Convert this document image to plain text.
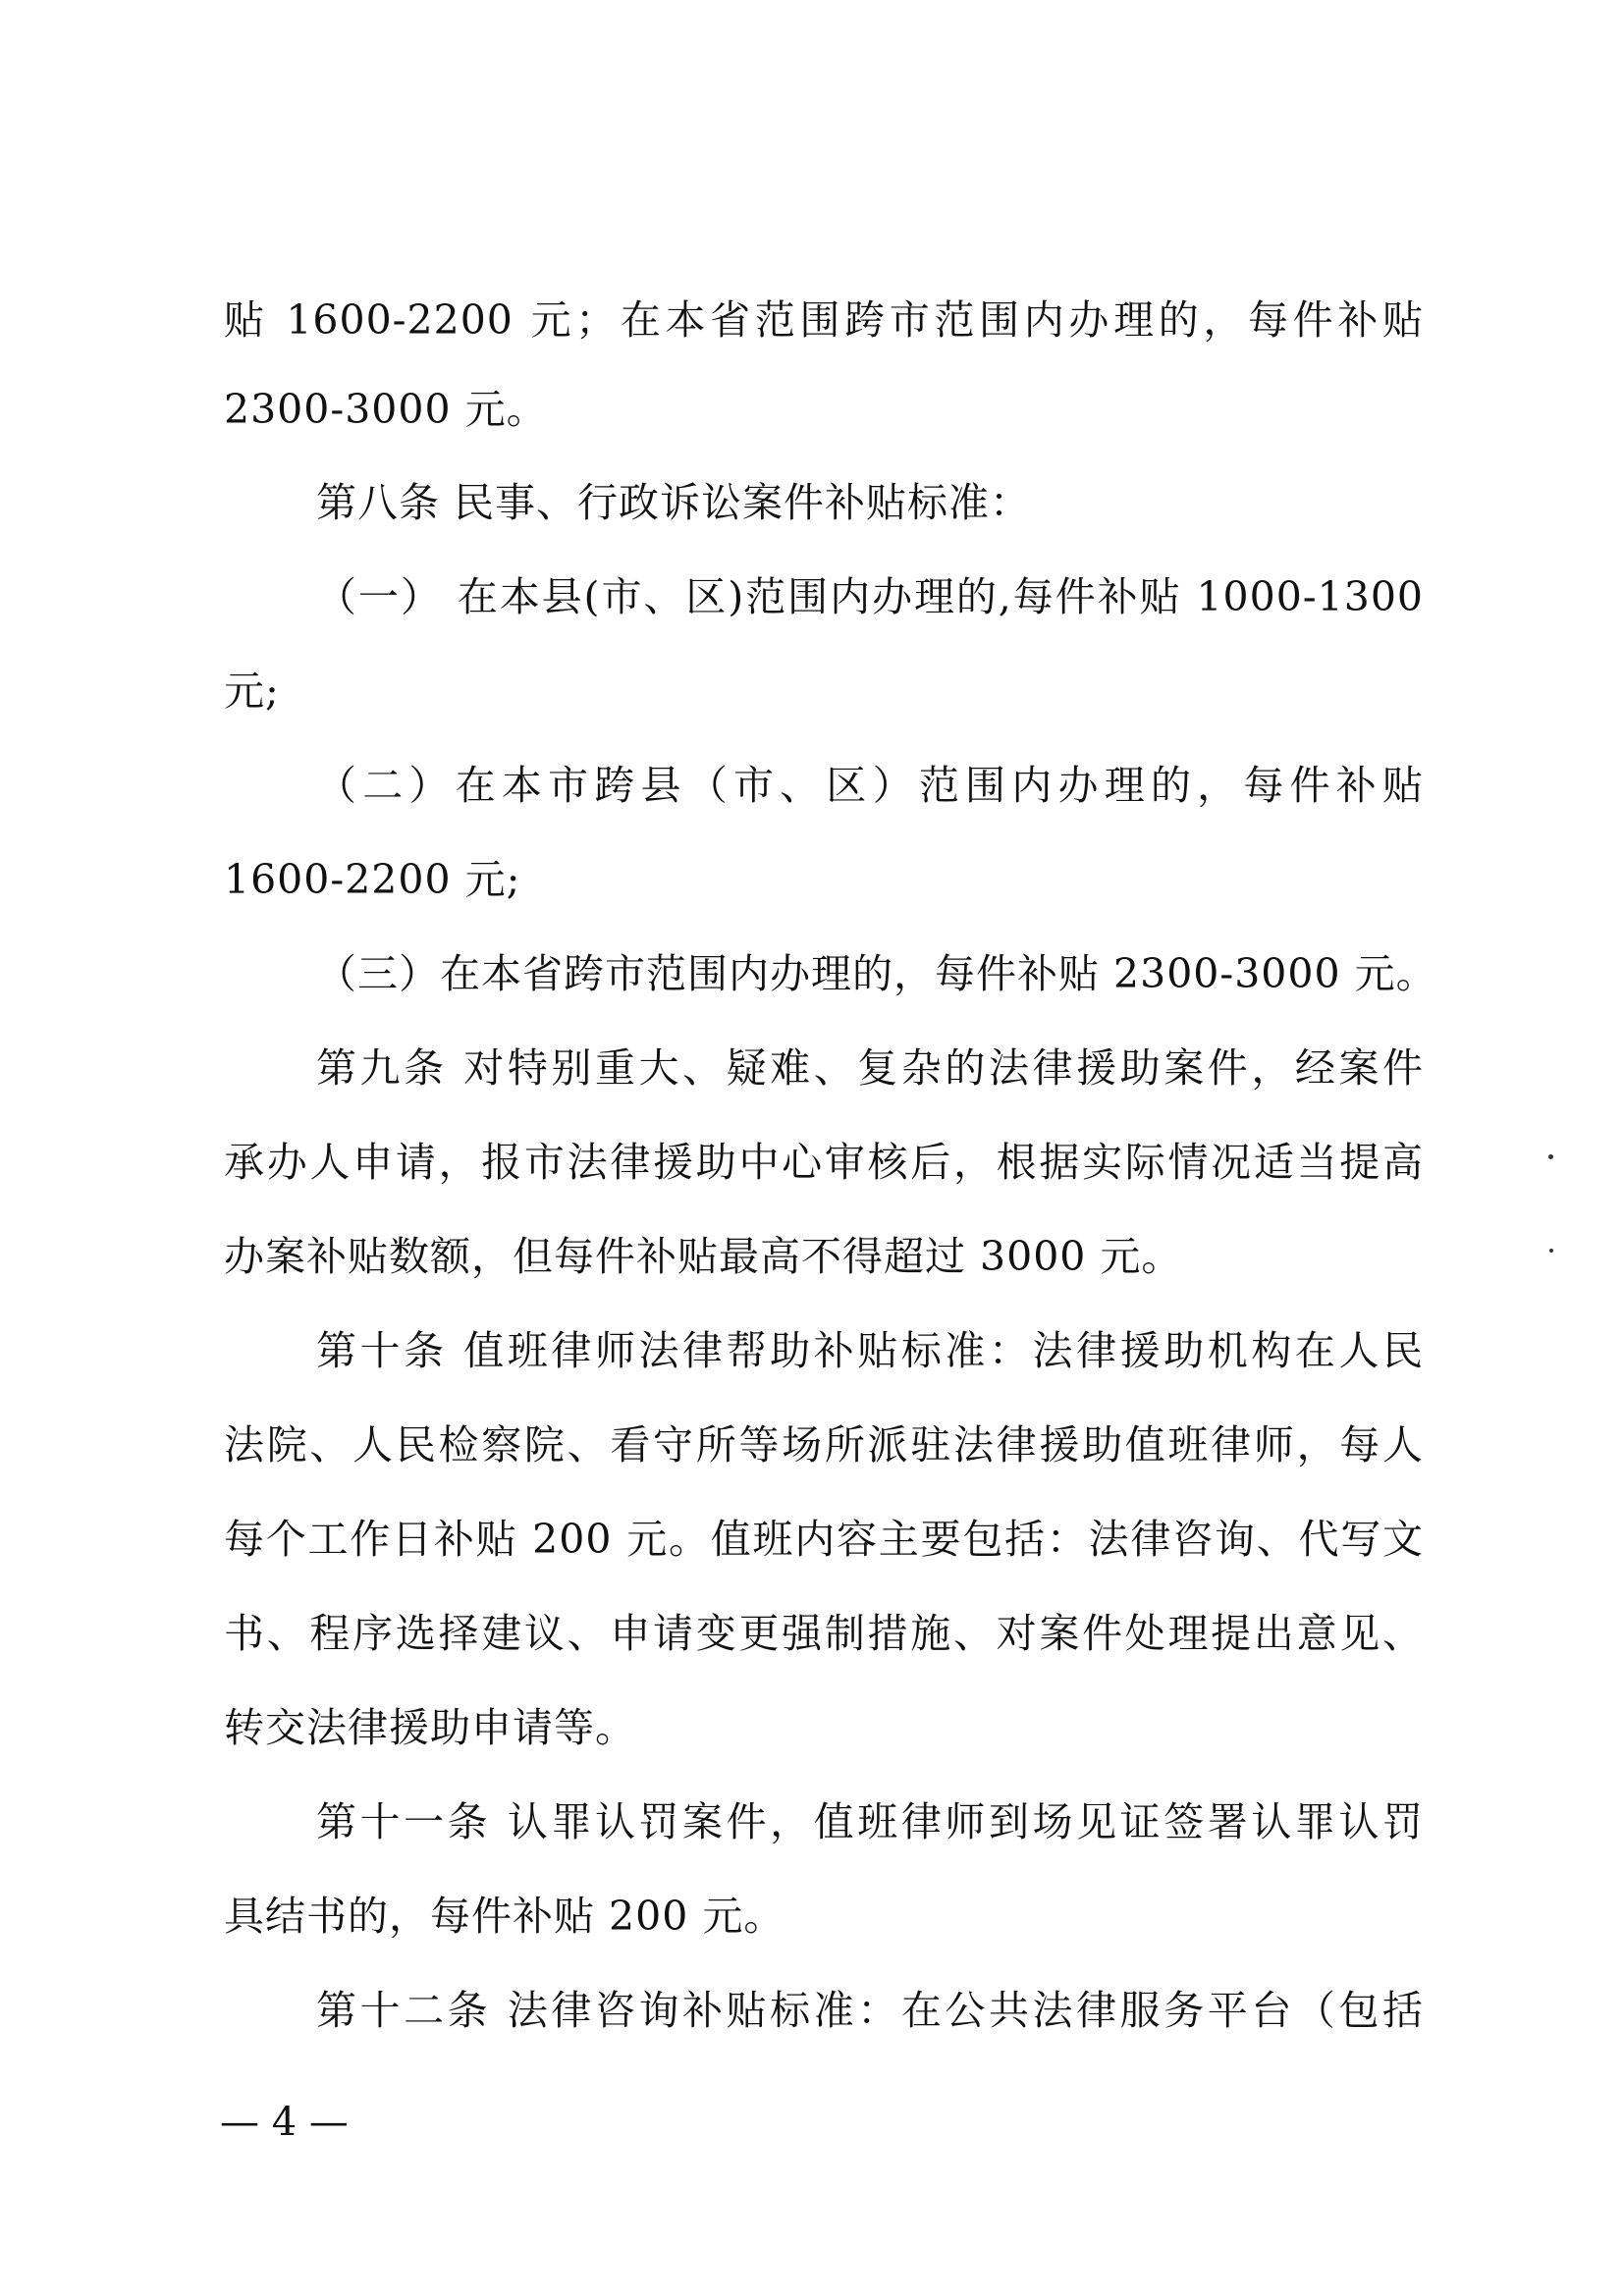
贴 1600-2200 元；在本省范围跨市范围内办理的，每件补贴
2300-3000 元。
第八条 民事、行政诉讼案件补贴标准：
（一） 在本县(市、区)范围内办理的,每件补贴 1000-1300
元;
（二）在本市跨县（市、区）范围内办理的，每件补贴
1600-2200 元;
（三）在本省跨市范围内办理的，每件补贴 2300-3000 元。
第九条 对特别重大、疑难、复杂的法律援助案件，经案件
承办人申请，报市法律援助中心审核后，根据实际情况适当提高
办案补贴数额，但每件补贴最高不得超过 3000 元。
第十条 值班律师法律帮助补贴标准：法律援助机构在人民
法院、人民检察院、看守所等场所派驻法律援助值班律师，每人
每个工作日补贴 200 元。值班内容主要包括：法律咨询、代写文
书、程序选择建议、申请变更强制措施、对案件处理提出意见、
转交法律援助申请等。
第十一条 认罪认罚案件，值班律师到场见证签署认罪认罚
具结书的，每件补贴 200 元。
第十二条 法律咨询补贴标准：在公共法律服务平台（包括
— 4 —
